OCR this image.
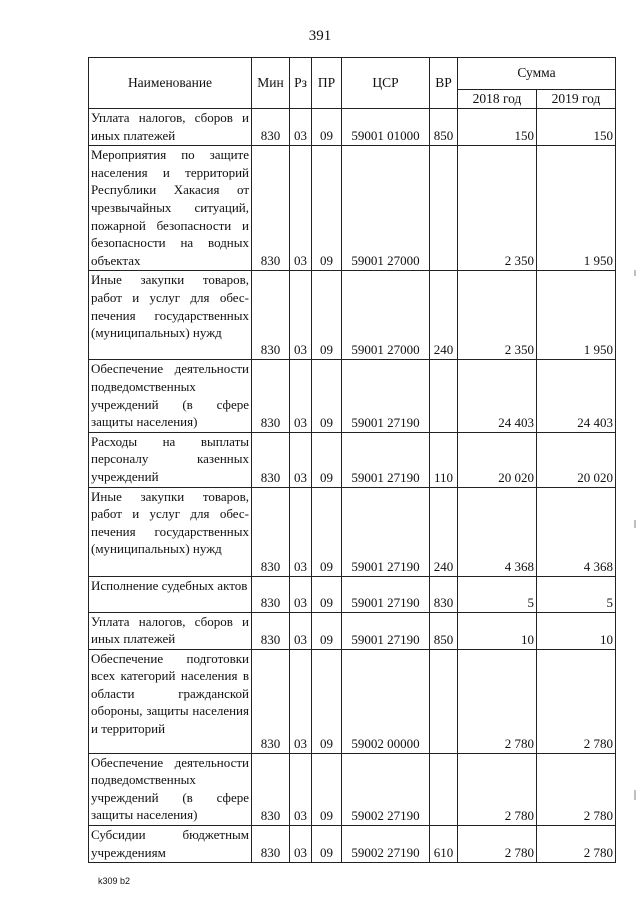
391
Наименование	Мин	Рз	ПР	ЦСР	ВР	Сумма	
						2018 год	2019 год
Уплата налогов, сборов и иных платежей	830	03	09	59001 01000	850	150	150
Мероприятия по защите населения и территорий Республики Хакасия от чрезвычайных ситуаций, пожарной безопасности и безопасности на водных объектах	830	03	09	59001 27000		2 350	1 950
Иные закупки товаров, работ и услуг для обеспечения государственных (муниципальных) нужд	830	03	09	59001 27000	240	2 350	1 950
Обеспечение деятельности подведомственных учреждений (в сфере защиты населения)	830	03	09	59001 27190		24 403	24 403
Расходы на выплаты персоналу казенных учреждений	830	03	09	59001 27190	110	20 020	20 020
Иные закупки товаров, работ и услуг для обеспечения государственных (муниципальных) нужд	830	03	09	59001 27190	240	4 368	4 368
Исполнение судебных актов	830	03	09	59001 27190	830	5	5
Уплата налогов, сборов и иных платежей	830	03	09	59001 27190	850	10	10
Обеспечение подготовки всех категорий населения в области гражданской обороны, защиты населения и территорий	830	03	09	59002 00000		2 780	2 780
Обеспечение деятельности подведомственных учреждений (в сфере защиты населения)	830	03	09	59002 27190		2 780	2 780
Субсидии бюджетным учреждениям	830	03	09	59002 27190	610	2 780	2 780
k309 b2
